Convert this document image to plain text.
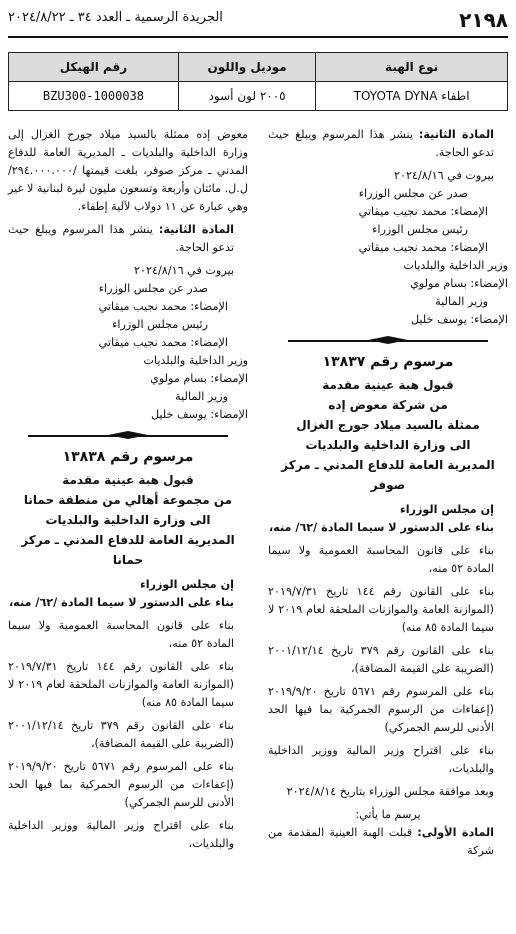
٢١٩٨
الجريدة الرسمية ـ العدد ٣٤ ـ ٢٠٢٤/٨/٢٢
نوع الهبة	موديل واللون	رقم الهيكل
اطفاء TOYOTA DYNA	٢٠٠٥ لون أسود	BZU300-1000038

المادة الثانية: ينشر هذا المرسوم ويبلغ حيث تدعو الحاجة.

بيروت في ٢٠٢٤/٨/١٦

صدر عن مجلس الوزراء

الإمضاء: محمد نجيب ميقاتي

رئيس مجلس الوزراء

الإمضاء: محمد نجيب ميقاتي

وزير الداخلية والبلديات

الإمضاء: بسام مولوي

وزير المالية

الإمضاء: يوسف خليل

مرسوم رقم ١٣٨٣٧
قبول هبة عينية مقدمة
من شركة معوض إده
ممثلة بالسيد ميلاد جورج الغزال
الى وزارة الداخلية والبلديات
المديرية العامة للدفاع المدني ـ مركز صوفر

إن مجلس الوزراء

بناء على الدستور لا سيما المادة /٦٢/ منه،

بناء على قانون المحاسبة العمومية ولا سيما المادة ٥٢ منه،

بناء على القانون رقم ١٤٤ تاريخ ٢٠١٩/٧/٣١ (الموازنة العامة والموازنات الملحقة لعام ٢٠١٩ لا سيما المادة ٨٥ منه)

بناء على القانون رقم ٣٧٩ تاريخ ٢٠٠١/١٢/١٤ (الضريبة على القيمة المضافة)،

بناء على المرسوم رقم ٥٦٧١ تاريخ ٢٠١٩/٩/٢٠ (إعفاءات من الرسوم الجمركية بما فيها الحد الأدنى للرسم الجمركي)

بناء على اقتراح وزير المالية ووزير الداخلية والبلديات،

وبعد موافقة مجلس الوزراء بتاريخ ٢٠٢٤/٨/١٤

يرسم ما يأتي:

المادة الأولى: قبلت الهبة العينية المقدمة من شركة

معوض إده ممثلة بالسيد ميلاد جورج الغزال إلى وزارة الداخلية والبلديات ـ المديرية العامة للدفاع المدني ـ مركز صوفر، بلغت قيمتها /٢٩٤.٠٠٠.٠٠٠/ ل.ل. مائتان وأربعة وتسعون مليون ليرة لبنانية لا غير وهي عبارة عن ١١ دولاب لآلية إطفاء.

المادة الثانية: ينشر هذا المرسوم ويبلغ حيث تدعو الحاجة.

بيروت في ٢٠٢٤/٨/١٦

صدر عن مجلس الوزراء

الإمضاء: محمد نجيب ميقاتي

رئيس مجلس الوزراء

الإمضاء: محمد نجيب ميقاتي

وزير الداخلية والبلديات

الإمضاء: بسام مولوي

وزير المالية

الإمضاء: يوسف خليل

مرسوم رقم ١٣٨٣٨
قبول هبة عينية مقدمة
من مجموعة أهالي من منطقة حمانا
الى وزارة الداخلية والبلديات
المديرية العامة للدفاع المدني ـ مركز حمانا

إن مجلس الوزراء

بناء على الدستور لا سيما المادة /٦٢/ منه،

بناء على قانون المحاسبة العمومية ولا سيما المادة ٥٢ منه،

بناء على القانون رقم ١٤٤ تاريخ ٢٠١٩/٧/٣١ (الموازنة العامة والموازنات الملحقة لعام ٢٠١٩ لا سيما المادة ٨٥ منه)

بناء على القانون رقم ٣٧٩ تاريخ ٢٠٠١/١٢/١٤ (الضريبة على القيمة المضافة)،

بناء على المرسوم رقم ٥٦٧١ تاريخ ٢٠١٩/٩/٢٠ (إعفاءات من الرسوم الجمركية بما فيها الحد الأدنى للرسم الجمركي)

بناء على اقتراح وزير المالية ووزير الداخلية والبلديات،
